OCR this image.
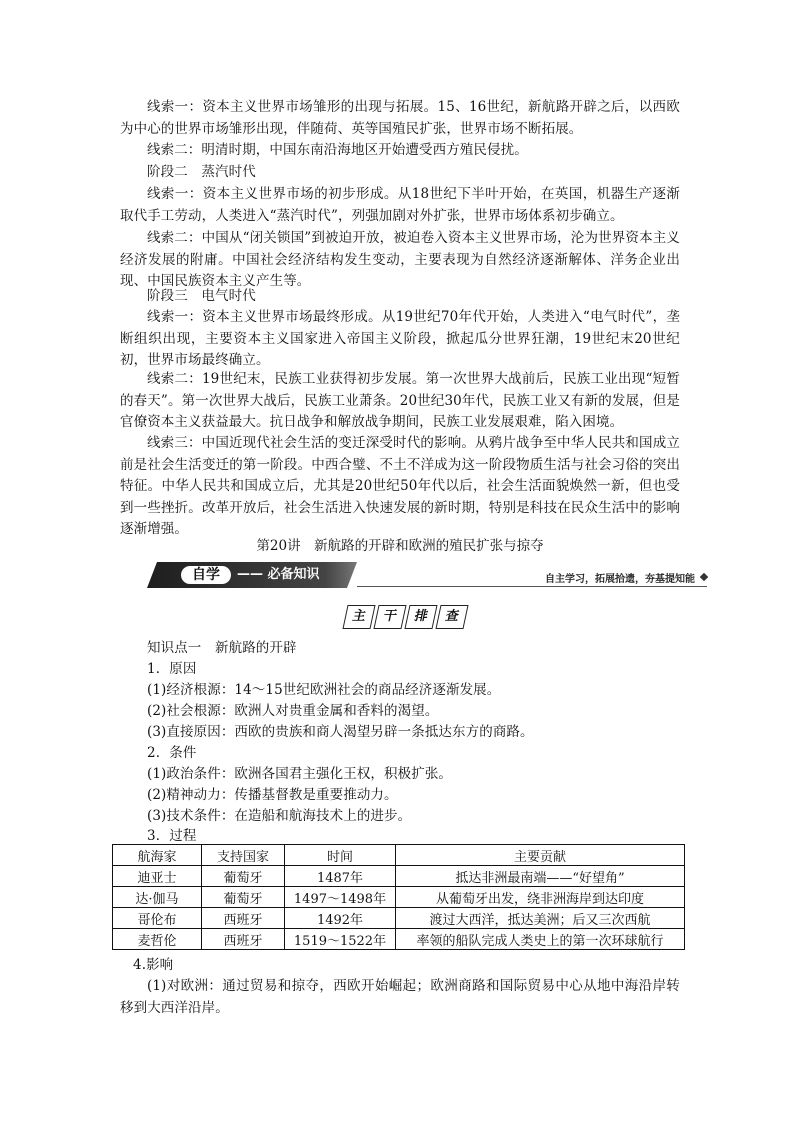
线索一：资本主义世界市场雏形的出现与拓展。15、16世纪，新航路开辟之后，以西欧为中心的世界市场雏形出现，伴随荷、英等国殖民扩张，世界市场不断拓展。
线索二：明清时期，中国东南沿海地区开始遭受西方殖民侵扰。
阶段二　蒸汽时代
线索一：资本主义世界市场的初步形成。从18世纪下半叶开始，在英国，机器生产逐渐取代手工劳动，人类进入“蒸汽时代”，列强加剧对外扩张，世界市场体系初步确立。
线索二：中国从“闭关锁国”到被迫开放，被迫卷入资本主义世界市场，沦为世界资本主义经济发展的附庸。中国社会经济结构发生变动，主要表现为自然经济逐渐解体、洋务企业出现、中国民族资本主义产生等。
阶段三　电气时代
线索一：资本主义世界市场最终形成。从19世纪70年代开始，人类进入“电气时代”，垄断组织出现，主要资本主义国家进入帝国主义阶段，掀起瓜分世界狂潮，19世纪末20世纪初，世界市场最终确立。
线索二：19世纪末，民族工业获得初步发展。第一次世界大战前后，民族工业出现“短暂的春天”。第一次世界大战后，民族工业萧条。20世纪30年代，民族工业又有新的发展，但是官僚资本主义获益最大。抗日战争和解放战争期间，民族工业发展艰难，陷入困境。
线索三：中国近现代社会生活的变迁深受时代的影响。从鸦片战争至中华人民共和国成立前是社会生活变迁的第一阶段。中西合璧、不土不洋成为这一阶段物质生活与社会习俗的突出特征。中华人民共和国成立后，尤其是20世纪50年代以后，社会生活面貌焕然一新，但也受到一些挫折。改革开放后，社会生活进入快速发展的新时期，特别是科技在民众生活中的影响逐渐增强。
第20讲　新航路的开辟和欧洲的殖民扩张与掠夺
自学	—— 必备知识	自主学习，拓展拾遗，夯基提知能
主	干	排	查
知识点一　新航路的开辟
1．原因
(1)经济根源：14～15世纪欧洲社会的商品经济逐渐发展。
(2)社会根源：欧洲人对贵重金属和香料的渴望。
(3)直接原因：西欧的贵族和商人渴望另辟一条抵达东方的商路。
2．条件
(1)政治条件：欧洲各国君主强化王权，积极扩张。
(2)精神动力：传播基督教是重要推动力。
(3)技术条件：在造船和航海技术上的进步。
3．过程
航海家	支持国家	时间	主要贡献
迪亚士	葡萄牙	1487年	抵达非洲最南端——“好望角”
达·伽马	葡萄牙	1497～1498年	从葡萄牙出发，绕非洲海岸到达印度
哥伦布	西班牙	1492年	渡过大西洋，抵达美洲；后又三次西航
麦哲伦	西班牙	1519～1522年	率领的船队完成人类史上的第一次环球航行
4.影响
(1)对欧洲：通过贸易和掠夺，西欧开始崛起；欧洲商路和国际贸易中心从地中海沿岸转移到大西洋沿岸。
